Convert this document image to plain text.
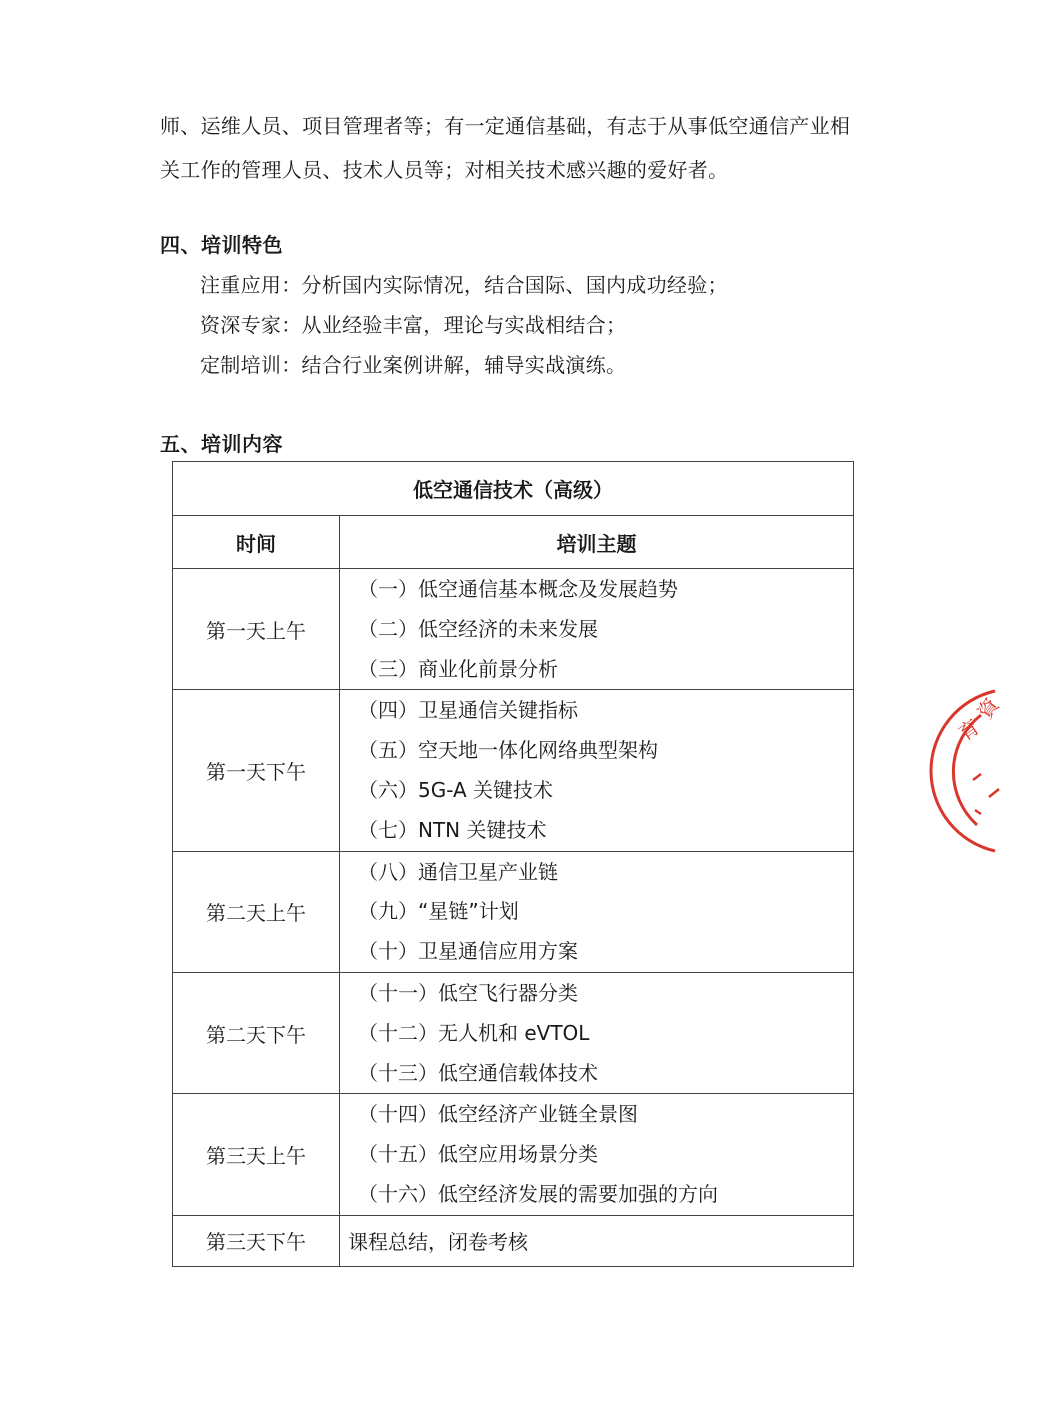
师、运维人员、项目管理者等；有一定通信基础，有志于从事低空通信产业相
关工作的管理人员、技术人员等；对相关技术感兴趣的爱好者。
四、培训特色
注重应用：分析国内实际情况，结合国际、国内成功经验；
资深专家：从业经验丰富，理论与实战相结合；
定制培训：结合行业案例讲解，辅导实战演练。
五、培训内容
低空通信技术（高级）	
时间	培训主题
第一天上午	（一）低空通信基本概念及发展趋势
（二）低空经济的未来发展
（三）商业化前景分析

第一天下午	（四）卫星通信关键指标
（五）空天地一体化网络典型架构
（六）5G-A 关键技术
（七）NTN 关键技术

第二天上午	（八）通信卫星产业链
（九）“星链”计划
（十）卫星通信应用方案

第二天下午	（十一）低空飞行器分类
（十二）无人机和 eVTOL
（十三）低空通信载体技术

第三天上午	（十四）低空经济产业链全景图
（十五）低空应用场景分类
（十六）低空经济发展的需要加强的方向

第三天下午	课程总结，闭卷考核
育
資
